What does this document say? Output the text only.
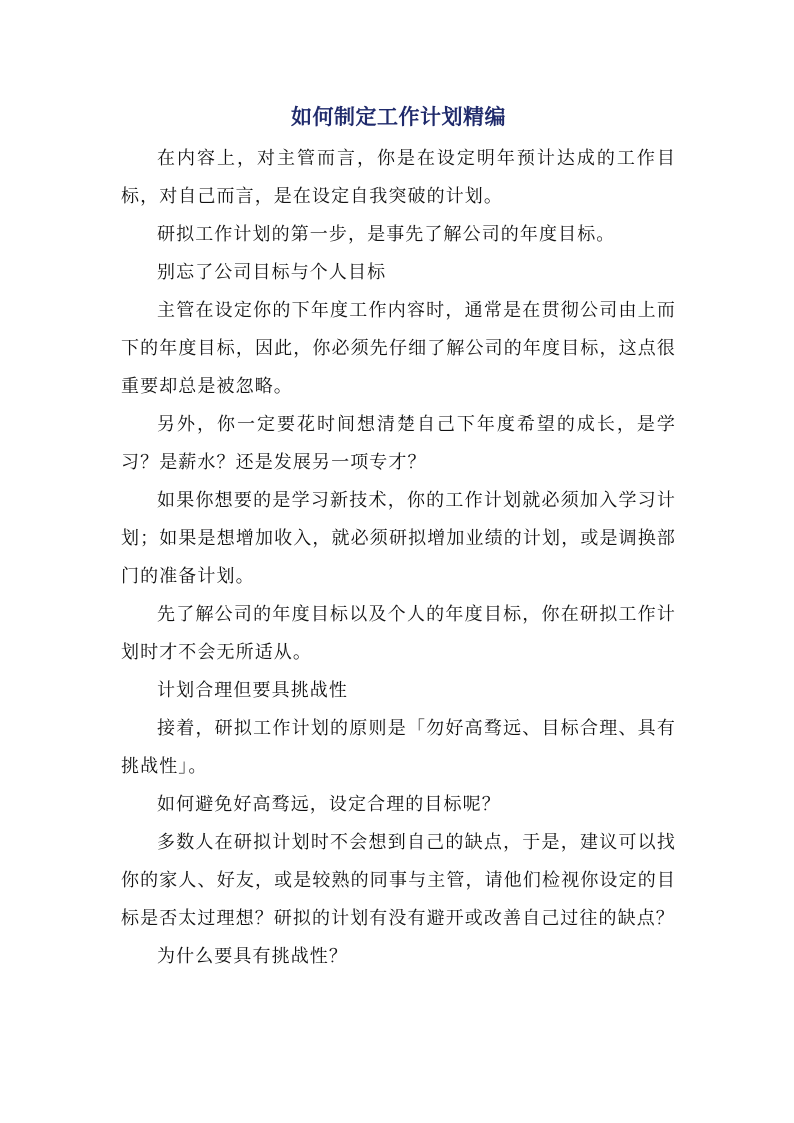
如何制定工作计划精编

在内容上，对主管而言，你是在设定明年预计达成的工作目标，对自己而言，是在设定自我突破的计划。

研拟工作计划的第一步，是事先了解公司的年度目标。

别忘了公司目标与个人目标

主管在设定你的下年度工作内容时，通常是在贯彻公司由上而下的年度目标，因此，你必须先仔细了解公司的年度目标，这点很重要却总是被忽略。

另外，你一定要花时间想清楚自己下年度希望的成长，是学习？是薪水？还是发展另一项专才？

如果你想要的是学习新技术，你的工作计划就必须加入学习计划；如果是想增加收入，就必须研拟增加业绩的计划，或是调换部门的准备计划。

先了解公司的年度目标以及个人的年度目标，你在研拟工作计划时才不会无所适从。

计划合理但要具挑战性

接着，研拟工作计划的原则是「勿好高骛远、目标合理、具有挑战性」。

如何避免好高骛远，设定合理的目标呢？

多数人在研拟计划时不会想到自己的缺点，于是，建议可以找你的家人、好友，或是较熟的同事与主管，请他们检视你设定的目标是否太过理想？研拟的计划有没有避开或改善自己过往的缺点？

为什么要具有挑战性？
